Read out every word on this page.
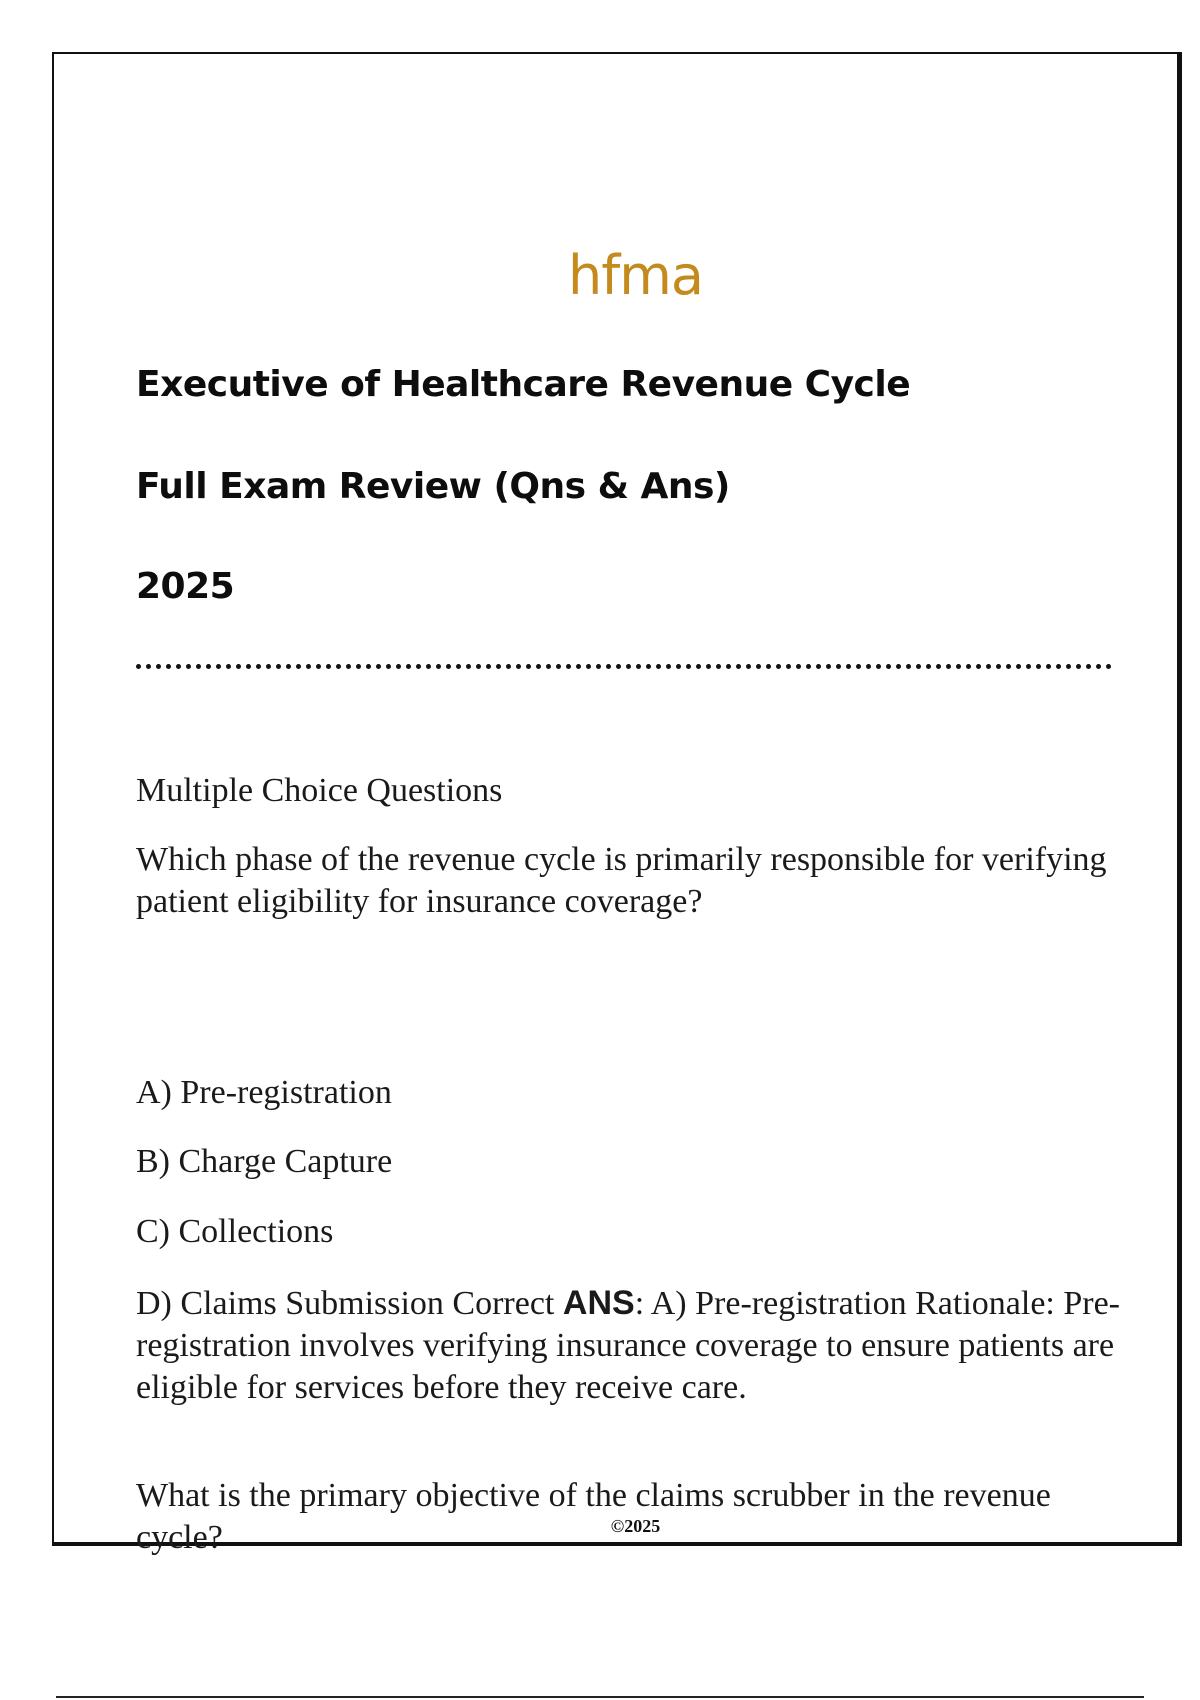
hfma
Executive of Healthcare Revenue Cycle
Full Exam Review (Qns & Ans)
2025
Multiple Choice Questions
Which phase of the revenue cycle is primarily responsible for verifying patient eligibility for insurance coverage?
A) Pre-registration
B) Charge Capture
C) Collections
D) Claims Submission Correct ANS: A) Pre-registration Rationale: Pre-registration involves verifying insurance coverage to ensure patients are eligible for services before they receive care.
What is the primary objective of the claims scrubber in the revenue cycle?	©2025
